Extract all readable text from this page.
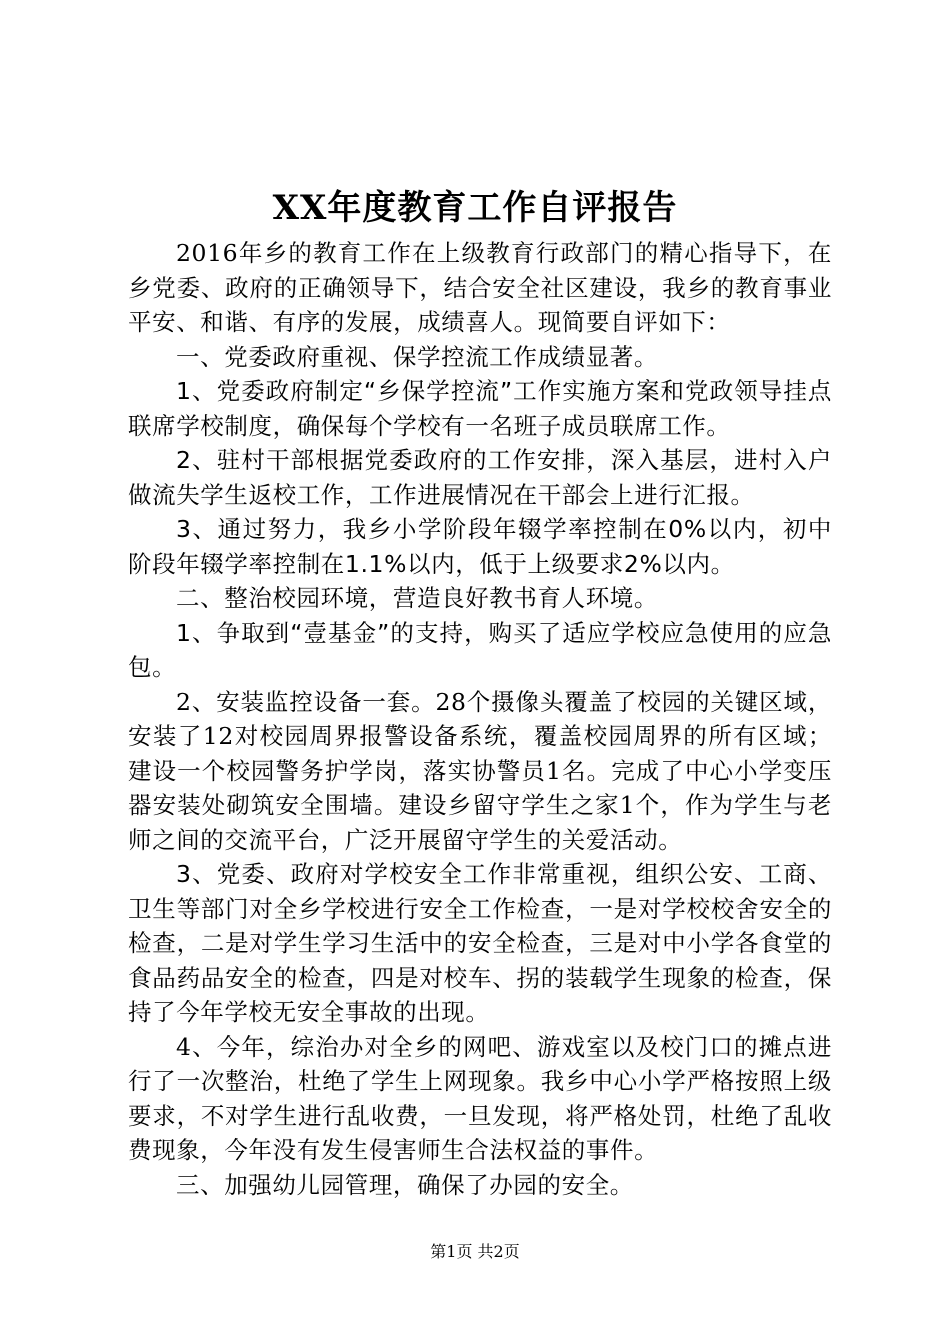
XX年度教育工作自评报告

2016年乡的教育工作在上级教育行政部门的精心指导下，在乡党委、政府的正确领导下，结合安全社区建设，我乡的教育事业平安、和谐、有序的发展，成绩喜人。现简要自评如下：

一、党委政府重视、保学控流工作成绩显著。

1、党委政府制定“乡保学控流”工作实施方案和党政领导挂点联席学校制度，确保每个学校有一名班子成员联席工作。

2、驻村干部根据党委政府的工作安排，深入基层，进村入户做流失学生返校工作，工作进展情况在干部会上进行汇报。

3、通过努力，我乡小学阶段年辍学率控制在0%以内，初中阶段年辍学率控制在1.1%以内，低于上级要求2%以内。

二、整治校园环境，营造良好教书育人环境。

1、争取到“壹基金”的支持，购买了适应学校应急使用的应急包。

2、安装监控设备一套。28个摄像头覆盖了校园的关键区域，安装了12对校园周界报警设备系统，覆盖校园周界的所有区域；建设一个校园警务护学岗，落实协警员1名。完成了中心小学变压器安装处砌筑安全围墙。建设乡留守学生之家1个，作为学生与老师之间的交流平台，广泛开展留守学生的关爱活动。

3、党委、政府对学校安全工作非常重视，组织公安、工商、卫生等部门对全乡学校进行安全工作检查，一是对学校校舍安全的检查，二是对学生学习生活中的安全检查，三是对中小学各食堂的食品药品安全的检查，四是对校车、拐的装载学生现象的检查，保持了今年学校无安全事故的出现。

4、今年，综治办对全乡的网吧、游戏室以及校门口的摊点进行了一次整治，杜绝了学生上网现象。我乡中心小学严格按照上级要求，不对学生进行乱收费，一旦发现，将严格处罚，杜绝了乱收费现象，今年没有发生侵害师生合法权益的事件。

三、加强幼儿园管理，确保了办园的安全。

第1页 共2页
